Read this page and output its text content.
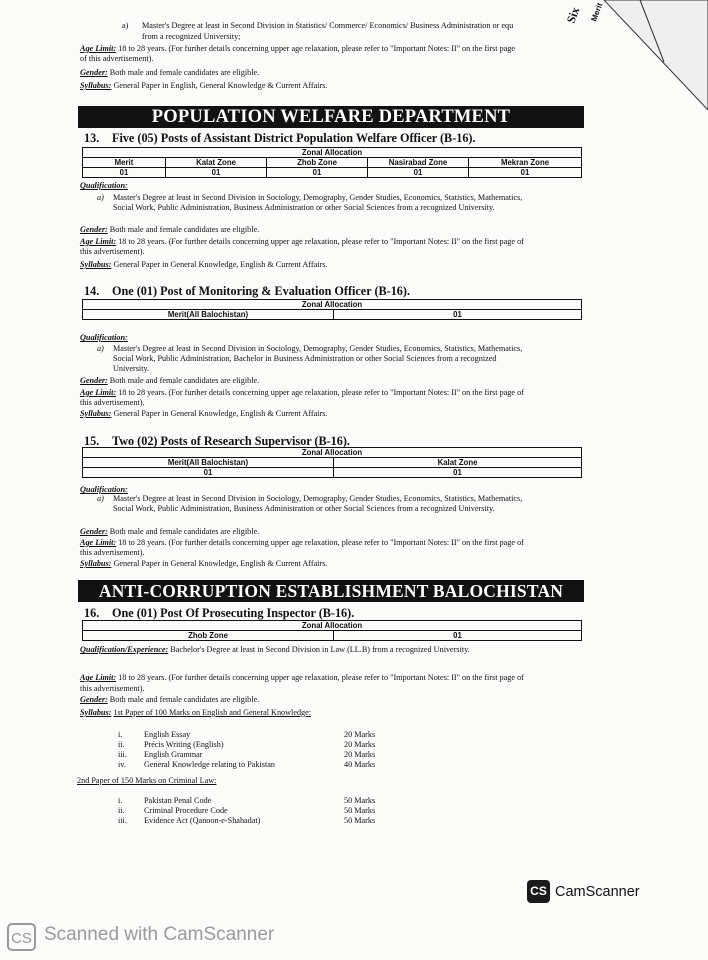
Six Merit
a) Master's Degree at least in Second Division in Statistics/ Commerce/ Economics/ Business Administration or equ
from a recognized University;
Age Limit: 18 to 28 years. (For further details concerning upper age relaxation, please refer to "Important Notes: II" on the first page
of this advertisement).
Gender: Both male and female candidates are eligible.
Syllabus: General Paper in English, General Knowledge & Current Affairs.
POPULATION WELFARE DEPARTMENT
13. Five (05) Posts of Assistant District Population Welfare Officer (B-16).
Zonal Allocation				
Merit	Kalat Zone	Zhob Zone	Nasirabad Zone	Mekran Zone
01	01	01	01	01
Qualification:
a) Master's Degree at least in Second Division in Sociology, Demography, Gender Studies, Economics, Statistics, Mathematics,
Social Work, Public Administration, Business Administration or other Social Sciences from a recognized University.
Gender: Both male and female candidates are eligible.
Age Limit: 18 to 28 years. (For further details concerning upper age relaxation, please refer to "Important Notes: II" on the first page of
this advertisement).
Syllabus: General Paper in General Knowledge, English & Current Affairs.
14. One (01) Post of Monitoring & Evaluation Officer (B-16).
Zonal Allocation
Merit(All Balochistan)	01
Qualification:
a) Master's Degree at least in Second Division in Sociology, Demography, Gender Studies, Economics, Statistics, Mathematics,
Social Work, Public Administration, Bachelor in Business Administration or other Social Sciences from a recognized
University.
Gender: Both male and female candidates are eligible.
Age Limit: 18 to 28 years. (For further details concerning upper age relaxation, please refer to "Important Notes: II" on the first page of
this advertisement).
Syllabus: General Paper in General Knowledge, English & Current Affairs.
15. Two (02) Posts of Research Supervisor (B-16).
Zonal Allocation	
Merit(All Balochistan)	Kalat Zone
01	01
Qualification:
a) Master's Degree at least in Second Division in Sociology, Demography, Gender Studies, Economics, Statistics, Mathematics,
Social Work, Public Administration, Business Administration or other Social Sciences from a recognized University.
Gender: Both male and female candidates are eligible.
Age Limit: 18 to 28 years. (For further details concerning upper age relaxation, please refer to "Important Notes: II" on the first page of
this advertisement).
Syllabus: General Paper in General Knowledge, English & Current Affairs.
ANTI-CORRUPTION ESTABLISHMENT BALOCHISTAN
16. One (01) Post Of Prosecuting Inspector (B-16).
Zonal Allocation
Zhob Zone	01
Qualification/Experience: Bachelor's Degree at least in Second Division in Law (LL.B) from a recognized University.
Age Limit: 18 to 28 years. (For further details concerning upper age relaxation, please refer to "Important Notes: II" on the first page of
this advertisement).
Gender: Both male and female candidates are eligible.
Syllabus: 1st Paper of 100 Marks on English and General Knowledge:
i.	English Essay	20 Marks
ii. Précis Writing (English)	20 Marks
iii. English Grammar	20 Marks
iv. General Knowledge relating to Pakistan	40 Marks
2nd Paper of 150 Marks on Criminal Law:
i.	Pakistan Penal Code	50 Marks
ii. Criminal Procedure Code	50 Marks
iii. Evidence Act (Qanoon-e-Shahadat)	50 Marks
CS CamScanner
CS Scanned with CamScanner
